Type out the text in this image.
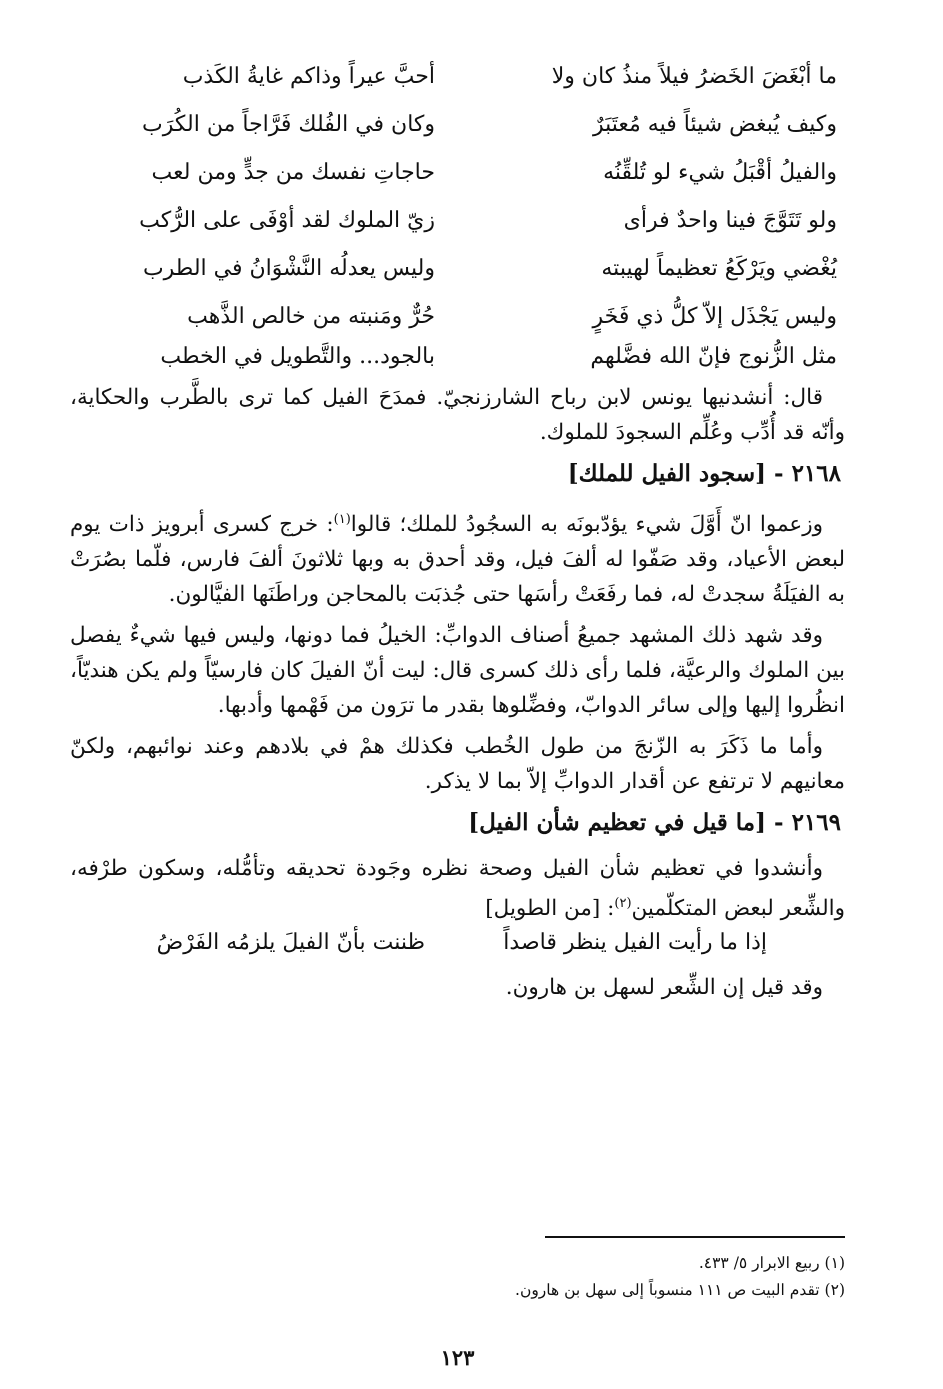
ما أبْغَضَ الخَضرُ فيلاً منذُ كان ولا
أحبَّ عيراً وذاكم غايةُ الكَذب
وكيف يُبغض شيئاً فيه مُعتَبَرٌ
وكان في الفُلك فَرَّاجاً من الكُرَب
والفيلُ أقْبَلُ شيء لو تُلقِّنُه
حاجاتِ نفسك من جدٍّ ومن لعب
ولو تَتَوَّجَ فينا واحدٌ فرأى
زيّ الملوك لقد أوْفَى على الرُّكب
يُغْضي ويَرْكَعُ تعظيماً لهيبته
وليس يعدلُه النَّشْوَانُ في الطرب
وليس يَجْذَل إلاّ كلُّ ذي فَخَرٍ
حُرٌّ ومَنبته من خالص الذَّهب
مثل الزُّنوج فإنّ الله فضَّلهم
بالجود... والتَّطويل في الخطب

قال: أنشدنيها يونس لابن رباح الشارزنجيّ. فمدَحَ الفيل كما ترى بالطَّرب والحكاية، وأنّه قد أُدِّب وعُلِّم السجودَ للملوك.

٢١٦٨ - [سجود الفيل للملك]

وزعموا انّ أَوَّلَ شيء يؤدّبونَه به السجُودُ للملك؛ قالوا$^{(١)}$: خرج كسرى أبرويز ذات يوم لبعض الأعياد، وقد صَفّوا له ألفَ فيل، وقد أحدق به وبها ثلاثونَ ألفَ فارس، فلّما بصُرَتْ به الفيَلَةُ سجدتْ له، فما رفَعَتْ رأسَها حتى جُذبَت بالمحاجن وراطَنَها الفيَّالون.

وقد شهد ذلك المشهد جميعُ أصناف الدوابِّ: الخيلُ فما دونها، وليس فيها شيءٌ يفصل بين الملوك والرعيَّة، فلما رأى ذلك كسرى قال: ليت أنّ الفيلَ كان فارسيّاً ولم يكن هنديّاً، انظُروا إليها وإلى سائر الدوابّ، وفضِّلوها بقدر ما ترَون من فَهْمها وأدبها.

وأما ما ذَكَرَ به الزّنجَ من طول الخُطب فكذلك همْ في بلادهم وعند نوائبهم، ولكنّ معانيهم لا ترتفع عن أقدار الدوابِّ إلاّ بما لا يذكر.

٢١٦٩ - [ما قيل في تعظيم شأن الفيل]

وأنشدوا في تعظيم شأن الفيل وصحة نظره وجَودة تحديقه وتأمُّله، وسكون طرْفه، والشِّعر لبعض المتكلّمين$^{(٢)}$: [من الطويل]

إذا ما رأيت الفيل ينظر قاصداً
ظننت بأنّ الفيلَ يلزمُه الفَرْضُ

وقد قيل إن الشِّعر لسهل بن هارون.

(١) ربيع الابرار ٥/ ٤٣٣.
(٢) تقدم البيت ص ١١١ منسوباً إلى سهل بن هارون.
١٢٣
